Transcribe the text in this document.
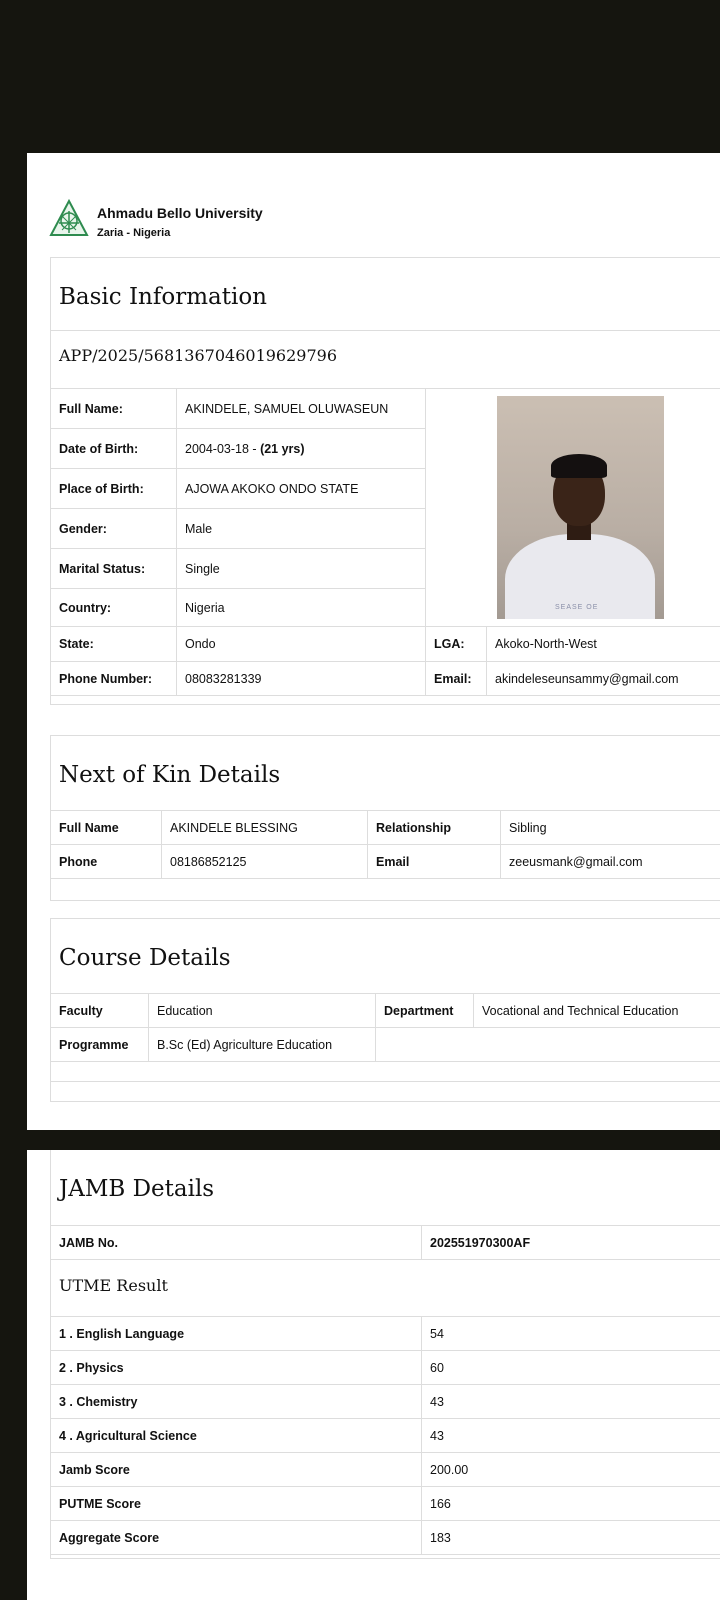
Ahmadu Bello University
Zaria - Nigeria
Basic Information
APP/2025/5681367046019629796
Full Name:	AKINDELE, SAMUEL OLUWASEUN	SEASE OE	

Date of Birth:	2004-03-18 - (21 yrs)		
Place of Birth:	AJOWA AKOKO ONDO STATE		
Gender:	Male		
Marital Status:	Single		
Country:	Nigeria		
State:	Ondo	LGA:	Akoko-North-West
Phone Number:	08083281339	Email:	akindeleseunsammy@gmail.com
Next of Kin Details
Full Name	AKINDELE BLESSING	Relationship	Sibling
Phone	08186852125	Email	zeeusmank@gmail.com
Course Details
Faculty	Education	Department	Vocational and Technical Education
Programme	B.Sc (Ed) Agriculture Education		
JAMB Details
JAMB No.	202551970300AF
UTME Result
1 . English Language	54
2 . Physics	60
3 . Chemistry	43
4 . Agricultural Science	43
Jamb Score	200.00
PUTME Score	166
Aggregate Score	183
